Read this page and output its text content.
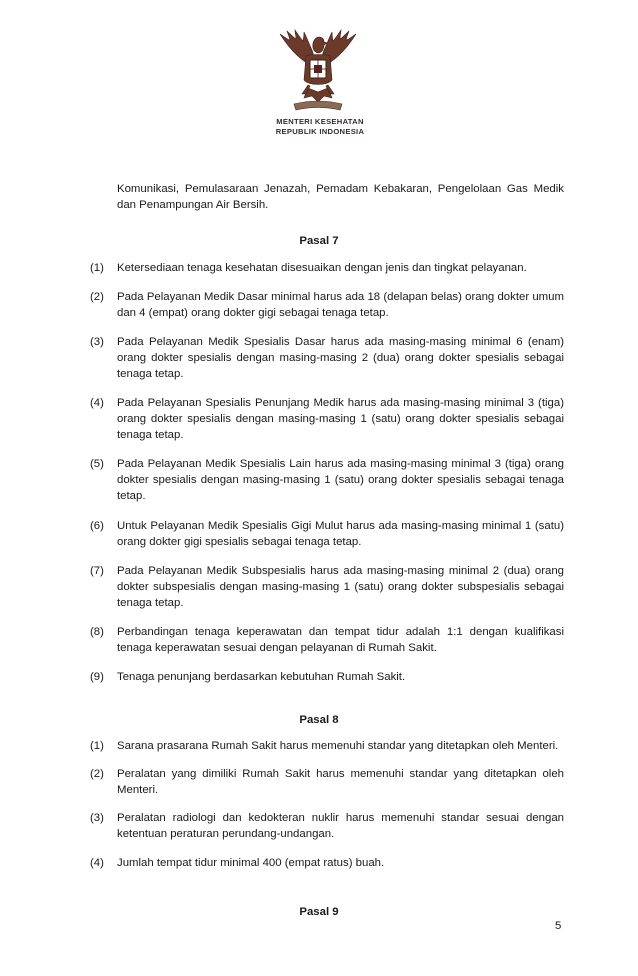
MENTERI KESEHATAN
REPUBLIK INDONESIA
Komunikasi, Pemulasaraan Jenazah, Pemadam Kebakaran, Pengelolaan Gas Medik dan Penampungan Air Bersih.
Pasal 7
(1) Ketersediaan tenaga kesehatan disesuaikan dengan jenis dan tingkat pelayanan.
(2) Pada Pelayanan Medik Dasar minimal harus ada 18 (delapan belas) orang dokter umum dan 4 (empat) orang dokter gigi sebagai tenaga tetap.
(3) Pada Pelayanan Medik Spesialis Dasar harus ada masing-masing minimal 6 (enam) orang dokter spesialis dengan masing-masing 2 (dua) orang dokter spesialis sebagai tenaga tetap.
(4) Pada Pelayanan Spesialis Penunjang Medik harus ada masing-masing minimal 3 (tiga) orang dokter spesialis dengan masing-masing 1 (satu) orang dokter spesialis sebagai tenaga tetap.
(5) Pada Pelayanan Medik Spesialis Lain harus ada masing-masing minimal 3 (tiga) orang dokter spesialis dengan masing-masing 1 (satu) orang dokter spesialis sebagai tenaga tetap.
(6) Untuk Pelayanan Medik Spesialis Gigi Mulut harus ada masing-masing minimal 1 (satu) orang dokter gigi spesialis sebagai tenaga tetap.
(7) Pada Pelayanan Medik Subspesialis harus ada masing-masing minimal 2 (dua) orang dokter subspesialis dengan masing-masing 1 (satu) orang dokter subspesialis sebagai tenaga tetap.
(8) Perbandingan tenaga keperawatan dan tempat tidur adalah 1:1 dengan kualifikasi tenaga keperawatan sesuai dengan pelayanan di Rumah Sakit.
(9) Tenaga penunjang berdasarkan kebutuhan Rumah Sakit.
Pasal 8
(1) Sarana prasarana Rumah Sakit harus memenuhi standar yang ditetapkan oleh Menteri.
(2) Peralatan yang dimiliki Rumah Sakit harus memenuhi standar yang ditetapkan oleh Menteri.
(3) Peralatan radiologi dan kedokteran nuklir harus memenuhi standar sesuai dengan ketentuan peraturan perundang-undangan.
(4) Jumlah tempat tidur minimal 400 (empat ratus) buah.
Pasal 9
5
